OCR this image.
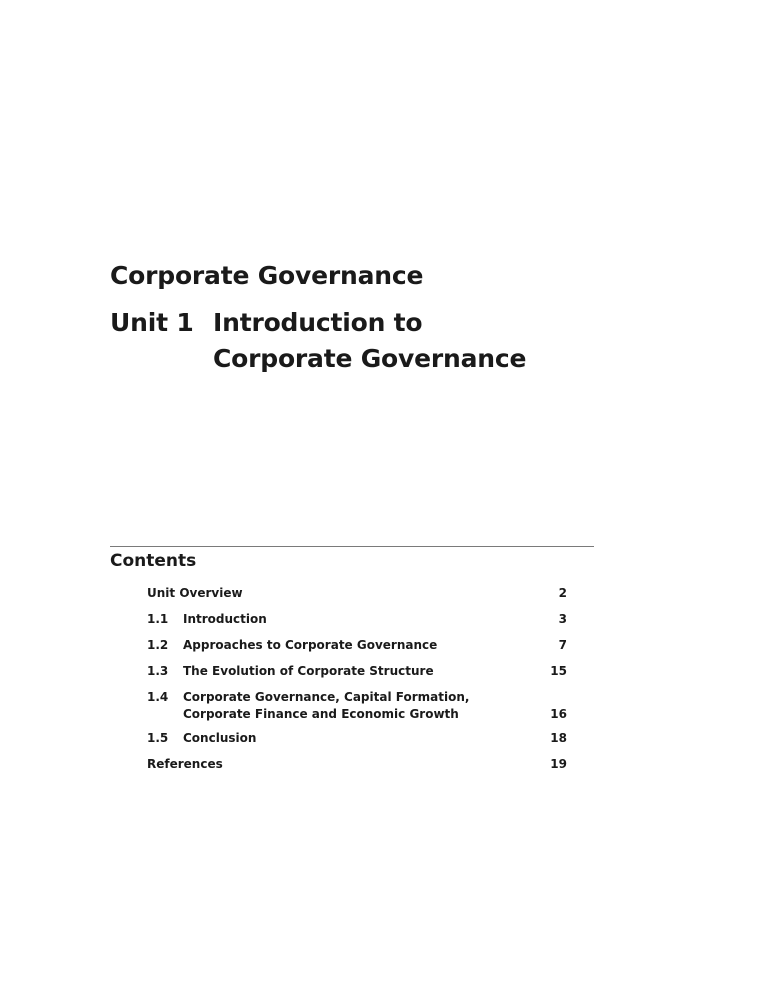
Corporate Governance
Unit 1 Introduction to Corporate Governance
Contents
Unit Overview	2
1.1 Introduction	3
1.2 Approaches to Corporate Governance	7
1.3 The Evolution of Corporate Structure	15
1.4 Corporate Governance, Capital Formation, Corporate Finance and Economic Growth	16
1.5 Conclusion	18
References	19
